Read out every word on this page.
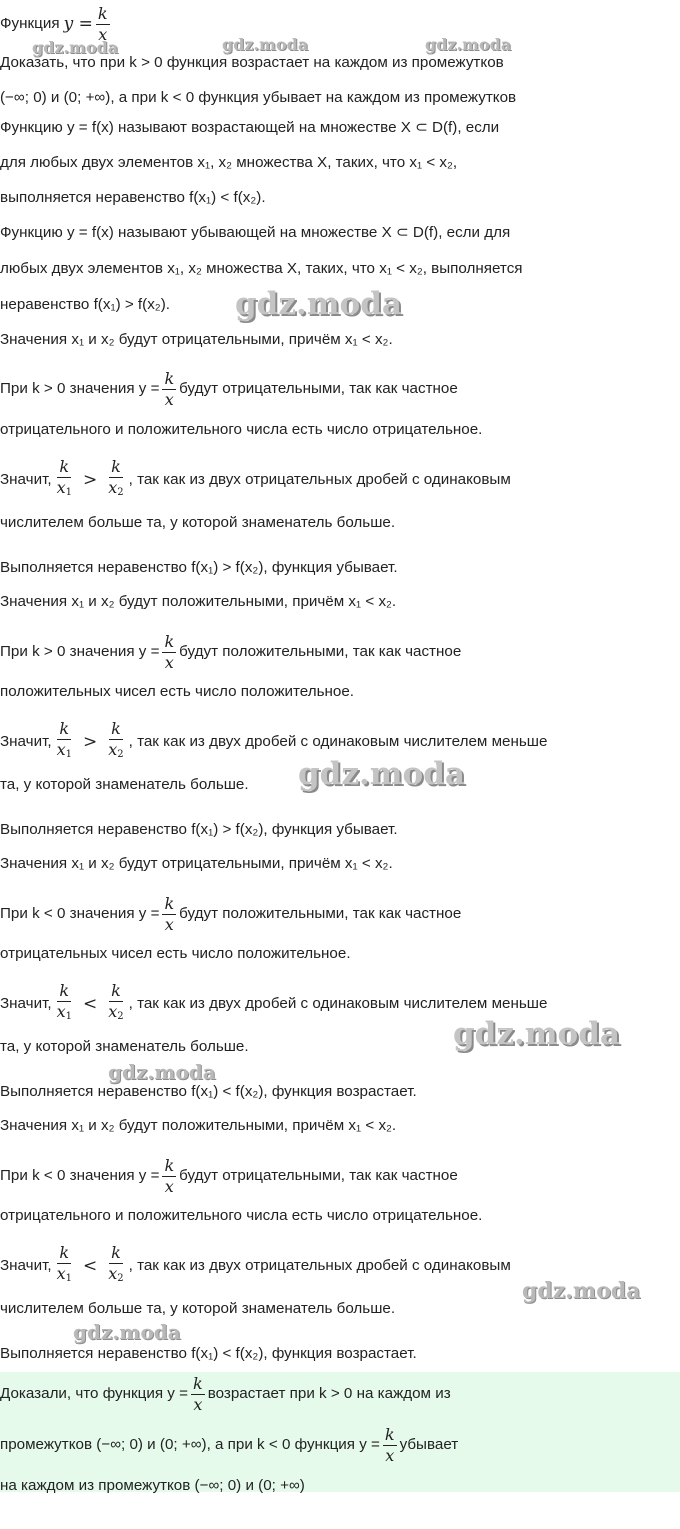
Функция $y = \frac{k}{x}$
Доказать, что при k > 0 функция возрастает на каждом из промежутков
(−∞; 0) и (0; +∞), а при k < 0 функция убывает на каждом из промежутков
Функцию y = f(x) называют возрастающей на множестве X ⊂ D(f), если
для любых двух элементов x₁, x₂ множества X, таких, что x₁ < x₂,
выполняется неравенство f(x₁) < f(x₂).
Функцию y = f(x) называют убывающей на множестве X ⊂ D(f), если для
любых двух элементов x₁, x₂ множества X, таких, что x₁ < x₂, выполняется
неравенство f(x₁) > f(x₂).
Значения x₁ и x₂ будут отрицательными, причём x₁ < x₂.
При k > 0 значения $y = \frac{k}{x}$ будут отрицательными, так как частное
отрицательного и положительного числа есть число отрицательное.
Значит, $\frac{k}{x_1} > \frac{k}{x_2}$ , так как из двух отрицательных дробей с одинаковым
числителем больше та, у которой знаменатель больше.
Выполняется неравенство f(x₁) > f(x₂), функция убывает.
Значения x₁ и x₂ будут положительными, причём x₁ < x₂.
При k > 0 значения $y = \frac{k}{x}$ будут положительными, так как частное
положительных чисел есть число положительное.
Значит, $\frac{k}{x_1} > \frac{k}{x_2}$ , так как из двух дробей с одинаковым числителем меньше
та, у которой знаменатель больше.
Выполняется неравенство f(x₁) > f(x₂), функция убывает.
Значения x₁ и x₂ будут отрицательными, причём x₁ < x₂.
При k < 0 значения $y = \frac{k}{x}$ будут положительными, так как частное
отрицательных чисел есть число положительное.
Значит, $\frac{k}{x_1} < \frac{k}{x_2}$ , так как из двух дробей с одинаковым числителем меньше
та, у которой знаменатель больше.
Выполняется неравенство f(x₁) < f(x₂), функция возрастает.
Значения x₁ и x₂ будут положительными, причём x₁ < x₂.
При k < 0 значения $y = \frac{k}{x}$ будут отрицательными, так как частное
отрицательного и положительного числа есть число отрицательное.
Значит, $\frac{k}{x_1} < \frac{k}{x_2}$ , так как из двух отрицательных дробей с одинаковым
числителем больше та, у которой знаменатель больше.
Выполняется неравенство f(x₁) < f(x₂), функция возрастает.
Доказали, что функция $y = \frac{k}{x}$ возрастает при k > 0 на каждом из
промежутков (−∞; 0) и (0; +∞), а при k < 0 функция $y = \frac{k}{x}$ убывает
на каждом из промежутков (−∞; 0) и (0; +∞)
gdz.moda	gdz.moda	gdz.moda
gdz.moda
gdz.moda
gdz.moda
gdz.moda
gdz.moda
gdz.moda
